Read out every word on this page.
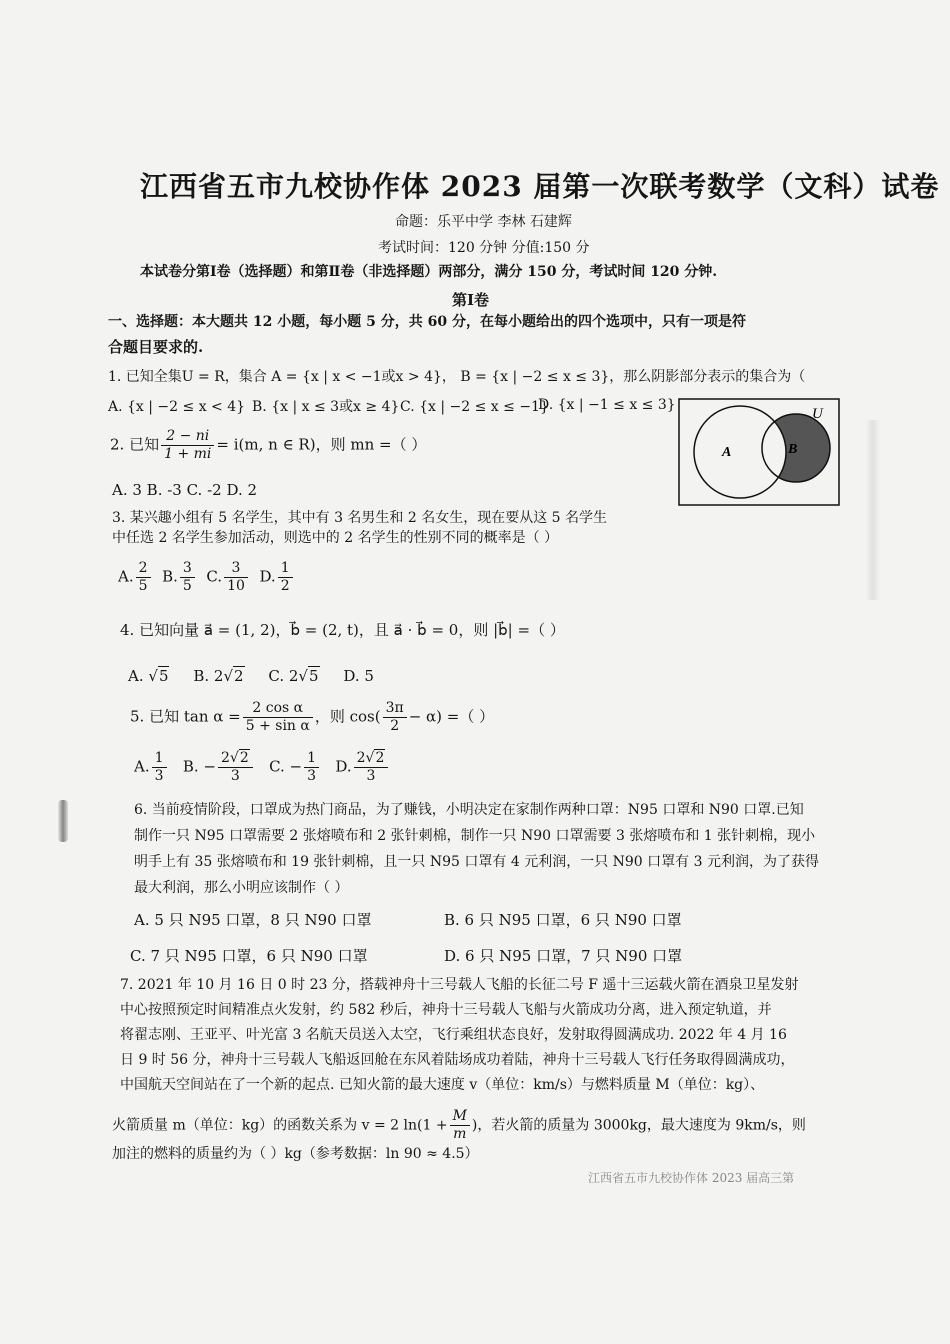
江西省五市九校协作体 2023 届第一次联考数学（文科）试卷
命题：乐平中学 李林 石建辉
考试时间：120 分钟 分值:150 分
本试卷分第Ⅰ卷（选择题）和第Ⅱ卷（非选择题）两部分，满分 150 分，考试时间 120 分钟.
第Ⅰ卷
一、选择题：本大题共 12 小题，每小题 5 分，共 60 分，在每小题给出的四个选项中，只有一项是符
合题目要求的.
1. 已知全集U = R，集合 A = {x | x < −1或x > 4}， B = {x | −2 ≤ x ≤ 3}，那么阴影部分表示的集合为（
A. {x | −2 ≤ x < 4} B. {x | x ≤ 3或x ≥ 4} C. {x | −2 ≤ x ≤ −1}
D. {x | −1 ≤ x ≤ 3}
U
A	B
2. 已知 $\frac{2 - ni}{1 + mi} = i(m$, n ∈ R)，则 mn =（ ）
A. 3 B. -3 C. -2 D. 2
3. 某兴趣小组有 5 名学生，其中有 3 名男生和 2 名女生，现在要从这 5 名学生
中任选 2 名学生参加活动，则选中的 2 名学生的性别不同的概率是（ ）
A. $\frac{2}{5} B$. $\frac{3}{5} C$. $\frac{3}{10} D$. $\frac{1}{2}$
4. 已知向量 a⃗ = (1, 2)，b⃗ = (2, t)，且 a⃗ · b⃗ = 0，则 |b⃗| =（ ）
A. √5 B. 2√2 C. 2√5 D. 5
5. 已知 $\tan \alpha = \frac{\text{2 cos α}}{\text{5 + sin α}}$ ，则 $\cos( \frac{3\pi}{2} - \alpha)$ =（ ）
A. $\frac{1}{3} B$. − $\frac{2√2}{3} C$. − $\frac{1}{3} D$. $\frac{2√2}{3}$
6. 当前疫情阶段，口罩成为热门商品，为了赚钱，小明决定在家制作两种口罩：N95 口罩和 N90 口罩.已知
制作一只 N95 口罩需要 2 张熔喷布和 2 张针刺棉，制作一只 N90 口罩需要 3 张熔喷布和 1 张针刺棉，现小
明手上有 35 张熔喷布和 19 张针刺棉，且一只 N95 口罩有 4 元利润，一只 N90 口罩有 3 元利润，为了获得
最大利润，那么小明应该制作（ ）
A. 5 只 N95 口罩，8 只 N90 口罩	B. 6 只 N95 口罩，6 只 N90 口罩
C. 7 只 N95 口罩，6 只 N90 口罩	D. 6 只 N95 口罩，7 只 N90 口罩
7. 2021 年 10 月 16 日 0 时 23 分，搭载神舟十三号载人飞船的长征二号 F 遥十三运载火箭在酒泉卫星发射
中心按照预定时间精准点火发射，约 582 秒后，神舟十三号载人飞船与火箭成功分离，进入预定轨道，并
将翟志刚、王亚平、叶光富 3 名航天员送入太空，飞行乘组状态良好，发射取得圆满成功. 2022 年 4 月 16
日 9 时 56 分，神舟十三号载人飞船返回舱在东风着陆场成功着陆，神舟十三号载人飞行任务取得圆满成功，
中国航天空间站在了一个新的起点. 已知火箭的最大速度 v（单位：km/s）与燃料质量 M（单位：kg）、
火箭质量 m（单位：kg）的函数关系为 v = 2 $\ln(1 + \frac{M}{m}$ )，若火箭的质量为 3000kg，最大速度为 9km/s，则
加注的燃料的质量约为（ ）kg（参考数据：ln 90 ≈ 4.5）
江西省五市九校协作体 2023 届高三第
